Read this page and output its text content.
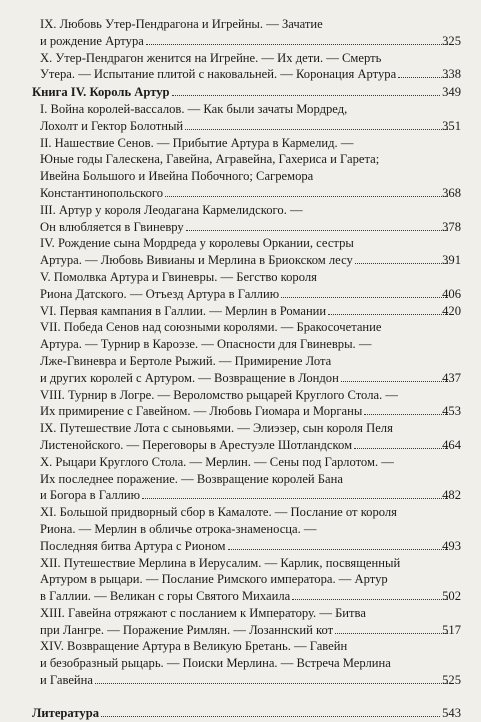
IX. Любовь Утер-Пендрагона и Игрейны. — Зачатие
и рождение Артура	325
X. Утер-Пендрагон женится на Игрейне. — Их дети. — Смерть
Утера. — Испытание плитой с наковальней. — Коронация Артура	338
Книга IV. Король Артур	349
I. Война королей-вассалов. — Как были зачаты Мордред,
Лохолт и Гектор Болотный	351
II. Нашествие Сенов. — Прибытие Артура в Кармелид. —
Юные годы Галескена, Гавейна, Агравейна, Гахериса и Гарета;
Ивейна Большого и Ивейна Побочного; Сагремора
Константинопольского	368
III. Артур у короля Леодагана Кармелидского. —
Он влюбляется в Гвиневру	378
IV. Рождение сына Мордреда у королевы Оркании, сестры
Артура. — Любовь Вивианы и Мерлина в Бриокском лесу	391
V. Помолвка Артура и Гвиневры. — Бегство короля
Риона Датского. — Отъезд Артура в Галлию	406
VI. Первая кампания в Галлии. — Мерлин в Романии	420
VII. Победа Сенов над союзными королями. — Бракосочетание
Артура. — Турнир в Кароэзе. — Опасности для Гвиневры. —
Лже-Гвиневра и Бертоле Рыжий. — Примирение Лота
и других королей с Артуром. — Возвращение в Лондон	437
VIII. Турнир в Логре. — Вероломство рыцарей Круглого Стола. —
Их примирение с Гавейном. — Любовь Гиомара и Морганы	453
IX. Путешествие Лота с сыновьями. — Элиэзер, сын короля Пеля
Листенойского. — Переговоры в Арестуэле Шотландском	464
X. Рыцари Круглого Стола. — Мерлин. — Сены под Гарлотом. —
Их последнее поражение. — Возвращение королей Бана
и Богора в Галлию	482
XI. Большой придворный сбор в Камалоте. — Послание от короля
Риона. — Мерлин в обличье отрока-знаменосца. —
Последняя битва Артура с Рионом	493
XII. Путешествие Мерлина в Иерусалим. — Карлик, посвященный
Артуром в рыцари. — Послание Римского императора. — Артур
в Галлии. — Великан с горы Святого Михаила	502
XIII. Гавейна отряжают с посланием к Императору. — Битва
при Лангре. — Поражение Римлян. — Лозаннский кот	517
XIV. Возвращение Артура в Великую Бретань. — Гавейн
и безобразный рыцарь. — Поиски Мерлина. — Встреча Мерлина
и Гавейна	525
Литература	543
